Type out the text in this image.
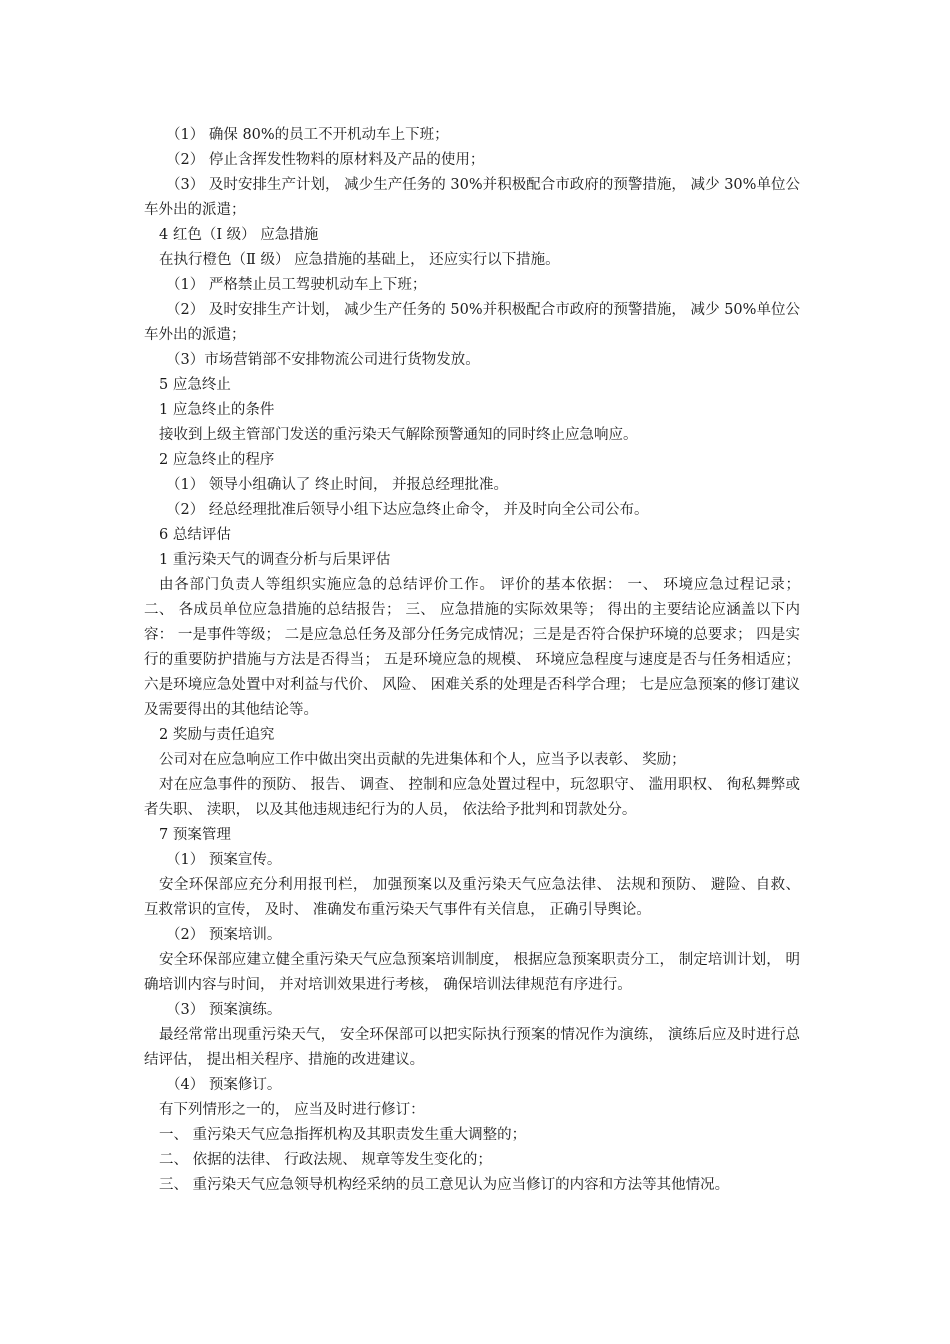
（1） 确保 80%的员工不开机动车上下班；

（2） 停止含挥发性物料的原材料及产品的使用；

（3） 及时安排生产计划， 减少生产任务的 30%并积极配合市政府的预警措施， 减少 30%单位公车外出的派遣；

4 红色（Ⅰ 级） 应急措施

在执行橙色（Ⅱ 级） 应急措施的基础上， 还应实行以下措施。

（1） 严格禁止员工驾驶机动车上下班；

（2） 及时安排生产计划， 减少生产任务的 50%并积极配合市政府的预警措施， 减少 50%单位公车外出的派遣；

（3）市场营销部不安排物流公司进行货物发放。

5 应急终止

1 应急终止的条件

接收到上级主管部门发送的重污染天气解除预警通知的同时终止应急响应。

2 应急终止的程序

（1） 领导小组确认了 终止时间， 并报总经理批准。

（2） 经总经理批准后领导小组下达应急终止命令， 并及时向全公司公布。

6 总结评估

1 重污染天气的调查分析与后果评估

由各部门负责人等组织实施应急的总结评价工作。 评价的基本依据： 一、 环境应急过程记录； 二、 各成员单位应急措施的总结报告； 三、 应急措施的实际效果等； 得出的主要结论应涵盖以下内容： 一是事件等级； 二是应急总任务及部分任务完成情况；三是是否符合保护环境的总要求； 四是实行的重要防护措施与方法是否得当； 五是环境应急的规模、 环境应急程度与速度是否与任务相适应； 六是环境应急处置中对利益与代价、 风险、 困难关系的处理是否科学合理； 七是应急预案的修订建议及需要得出的其他结论等。

2 奖励与责任追究

公司对在应急响应工作中做出突出贡献的先进集体和个人，应当予以表彰、 奖励；

对在应急事件的预防、 报告、 调查、 控制和应急处置过程中，玩忽职守、 滥用职权、 徇私舞弊或者失职、 渎职， 以及其他违规违纪行为的人员， 依法给予批判和罚款处分。

7 预案管理

（1） 预案宣传。

安全环保部应充分利用报刊栏， 加强预案以及重污染天气应急法律、 法规和预防、 避险、自救、 互救常识的宣传， 及时、 准确发布重污染天气事件有关信息， 正确引导舆论。

（2） 预案培训。

安全环保部应建立健全重污染天气应急预案培训制度， 根据应急预案职责分工， 制定培训计划， 明确培训内容与时间， 并对培训效果进行考核， 确保培训法律规范有序进行。

（3） 预案演练。

最经常常出现重污染天气， 安全环保部可以把实际执行预案的情况作为演练， 演练后应及时进行总结评估， 提出相关程序、措施的改进建议。

（4） 预案修订。

有下列情形之一的， 应当及时进行修订：

一、 重污染天气应急指挥机构及其职责发生重大调整的；

二、 依据的法律、 行政法规、 规章等发生变化的；

三、 重污染天气应急领导机构经采纳的员工意见认为应当修订的内容和方法等其他情况。
